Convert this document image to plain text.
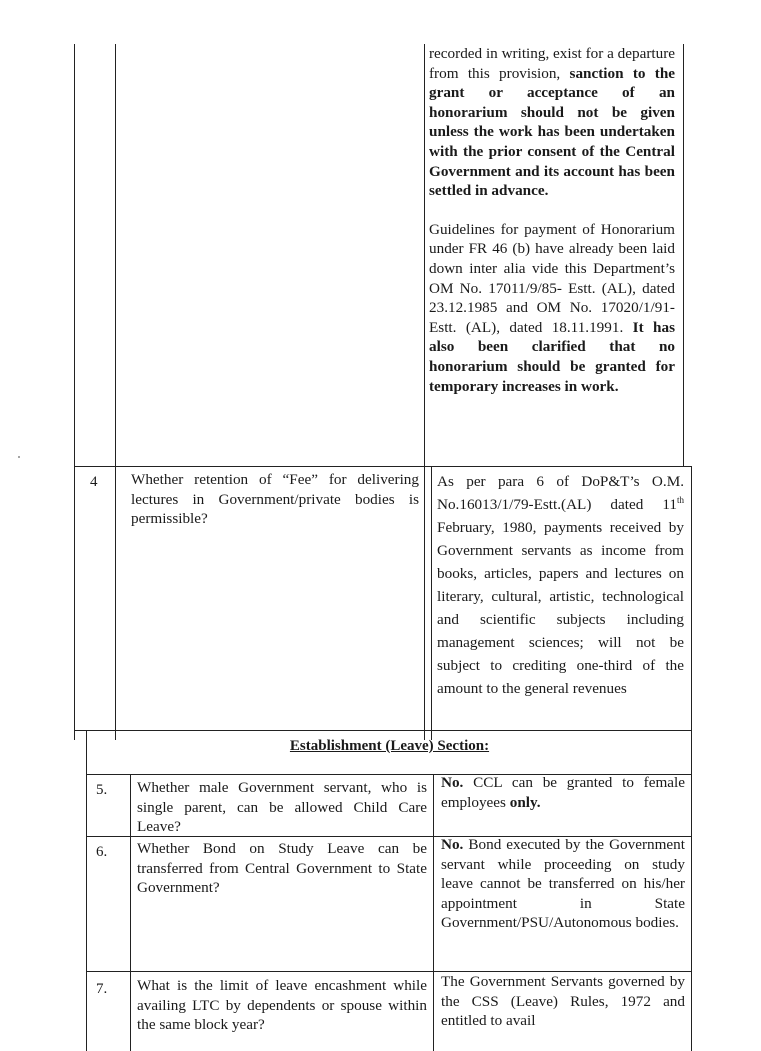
recorded in writing, exist for a departure from this provision, sanction to the grant or acceptance of an honorarium should not be given unless the work has been undertaken with the prior consent of the Central Government and its account has been settled in advance.

Guidelines for payment of Honorarium under FR 46 (b) have already been laid down inter alia vide this Department’s OM No. 17011/9/85- Estt. (AL), dated 23.12.1985 and OM No. 17020/1/91- Estt. (AL), dated 18.11.1991. It has also been clarified that no honorarium should be granted for temporary increases in work.

4 Whether retention of “Fee” for delivering lectures in Government/private bodies is permissible?
As per para 6 of DoP&T’s O.M. No.16013/1/79-Estt.(AL) dated 11th February, 1980, payments received by Government servants as income from books, articles, papers and lectures on literary, cultural, artistic, technological and scientific subjects including management sciences; will not be subject to crediting one-third of the amount to the general revenues
Establishment (Leave) Section:
5. Whether male Government servant, who is single parent, can be allowed Child Care Leave?
No. CCL can be granted to female employees only.
6. Whether Bond on Study Leave can be transferred from Central Government to State Government?
No. Bond executed by the Government servant while proceeding on study leave cannot be transferred on his/her appointment in State Government/PSU/Autonomous bodies.
7. What is the limit of leave encashment while availing LTC by dependents or spouse within the same block year?
The Government Servants governed by the CSS (Leave) Rules, 1972 and entitled to avail
